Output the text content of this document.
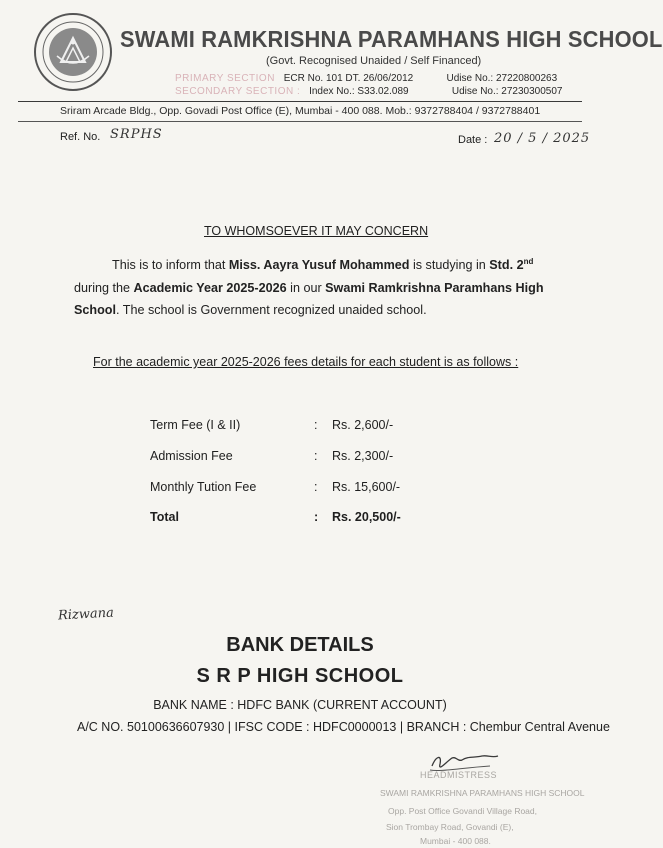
SWAMI RAMKRISHNA PARAMHANS HIGH SCHOOL
(Govt. Recognised Unaided / Self Financed)
PRIMARY SECTION ECR No. 101 DT. 26/06/2012	Udise No.: 27220800263
SECONDARY SECTION : Index No.: S33.02.089	Udise No.: 27230300507
Sriram Arcade Bldg., Opp. Govadi Post Office (E), Mumbai - 400 088. Mob.: 9372788404 / 9372788401
Ref. No. SRPHS	Date : 20 / 5 / 2025
TO WHOMSOEVER IT MAY CONCERN
This is to inform that Miss. Aayra Yusuf Mohammed is studying in Std. 2nd
during the Academic Year 2025-2026 in our Swami Ramkrishna Paramhans High School. The school is Government recognized unaided school.
For the academic year 2025-2026 fees details for each student is as follows :
Term Fee (I & II)	: Rs. 2,600/-
Admission Fee	: Rs. 2,300/-
Monthly Tution Fee	: Rs. 15,600/-
Total	: Rs. 20,500/-
Rizwana
BANK DETAILS
S R P HIGH SCHOOL
BANK NAME : HDFC BANK (CURRENT ACCOUNT)
A/C NO. 50100636607930 | IFSC CODE : HDFC0000013 | BRANCH : Chembur Central Avenue
HEADMISTRESS
SWAMI RAMKRISHNA PARAMHANS HIGH SCHOOL
Opp. Post Office Govandi Village Road,
Sion Trombay Road, Govandi (E),
Mumbai - 400 088.
